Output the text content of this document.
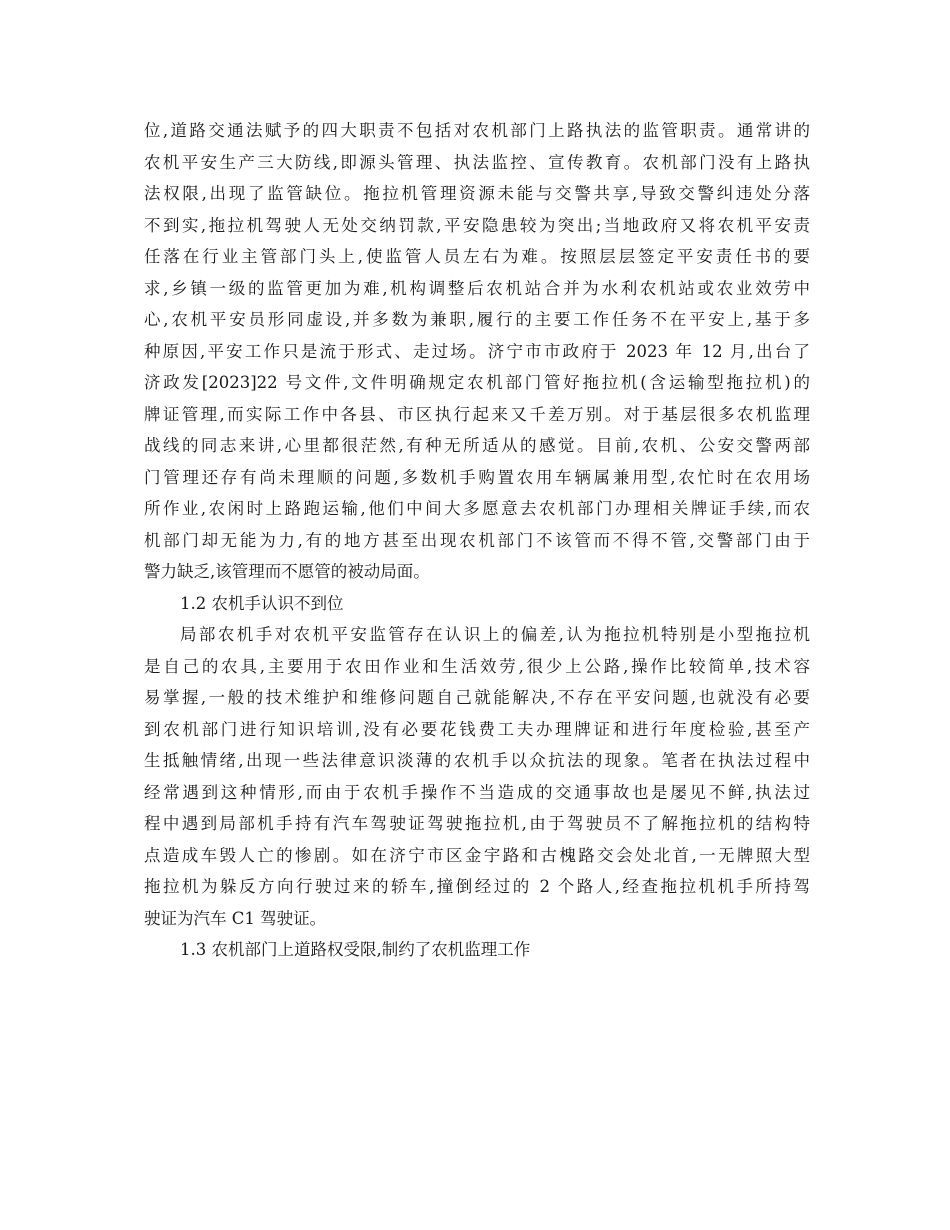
位,道路交通法赋予的四大职责不包括对农机部门上路执法的监管职责。通常讲的
农机平安生产三大防线,即源头管理、执法监控、宣传教育。农机部门没有上路执
法权限,出现了监管缺位。拖拉机管理资源未能与交警共享,导致交警纠违处分落
不到实,拖拉机驾驶人无处交纳罚款,平安隐患较为突出;当地政府又将农机平安责
任落在行业主管部门头上,使监管人员左右为难。按照层层签定平安责任书的要
求,乡镇一级的监管更加为难,机构调整后农机站合并为水利农机站或农业效劳中
心,农机平安员形同虚设,并多数为兼职,履行的主要工作任务不在平安上,基于多
种原因,平安工作只是流于形式、走过场。济宁市市政府于 2023 年 12 月,出台了
济政发[2023]22 号文件,文件明确规定农机部门管好拖拉机(含运输型拖拉机)的
牌证管理,而实际工作中各县、市区执行起来又千差万别。对于基层很多农机监理
战线的同志来讲,心里都很茫然,有种无所适从的感觉。目前,农机、公安交警两部
门管理还存有尚未理顺的问题,多数机手购置农用车辆属兼用型,农忙时在农用场
所作业,农闲时上路跑运输,他们中间大多愿意去农机部门办理相关牌证手续,而农
机部门却无能为力,有的地方甚至出现农机部门不该管而不得不管,交警部门由于
警力缺乏,该管理而不愿管的被动局面。
1.2 农机手认识不到位
局部农机手对农机平安监管存在认识上的偏差,认为拖拉机特别是小型拖拉机
是自己的农具,主要用于农田作业和生活效劳,很少上公路,操作比较简单,技术容
易掌握,一般的技术维护和维修问题自己就能解决,不存在平安问题,也就没有必要
到农机部门进行知识培训,没有必要花钱费工夫办理牌证和进行年度检验,甚至产
生抵触情绪,出现一些法律意识淡薄的农机手以众抗法的现象。笔者在执法过程中
经常遇到这种情形,而由于农机手操作不当造成的交通事故也是屡见不鲜,执法过
程中遇到局部机手持有汽车驾驶证驾驶拖拉机,由于驾驶员不了解拖拉机的结构特
点造成车毁人亡的惨剧。如在济宁市区金宇路和古槐路交会处北首,一无牌照大型
拖拉机为躲反方向行驶过来的轿车,撞倒经过的 2 个路人,经查拖拉机机手所持驾
驶证为汽车 C1 驾驶证。
1.3 农机部门上道路权受限,制约了农机监理工作
